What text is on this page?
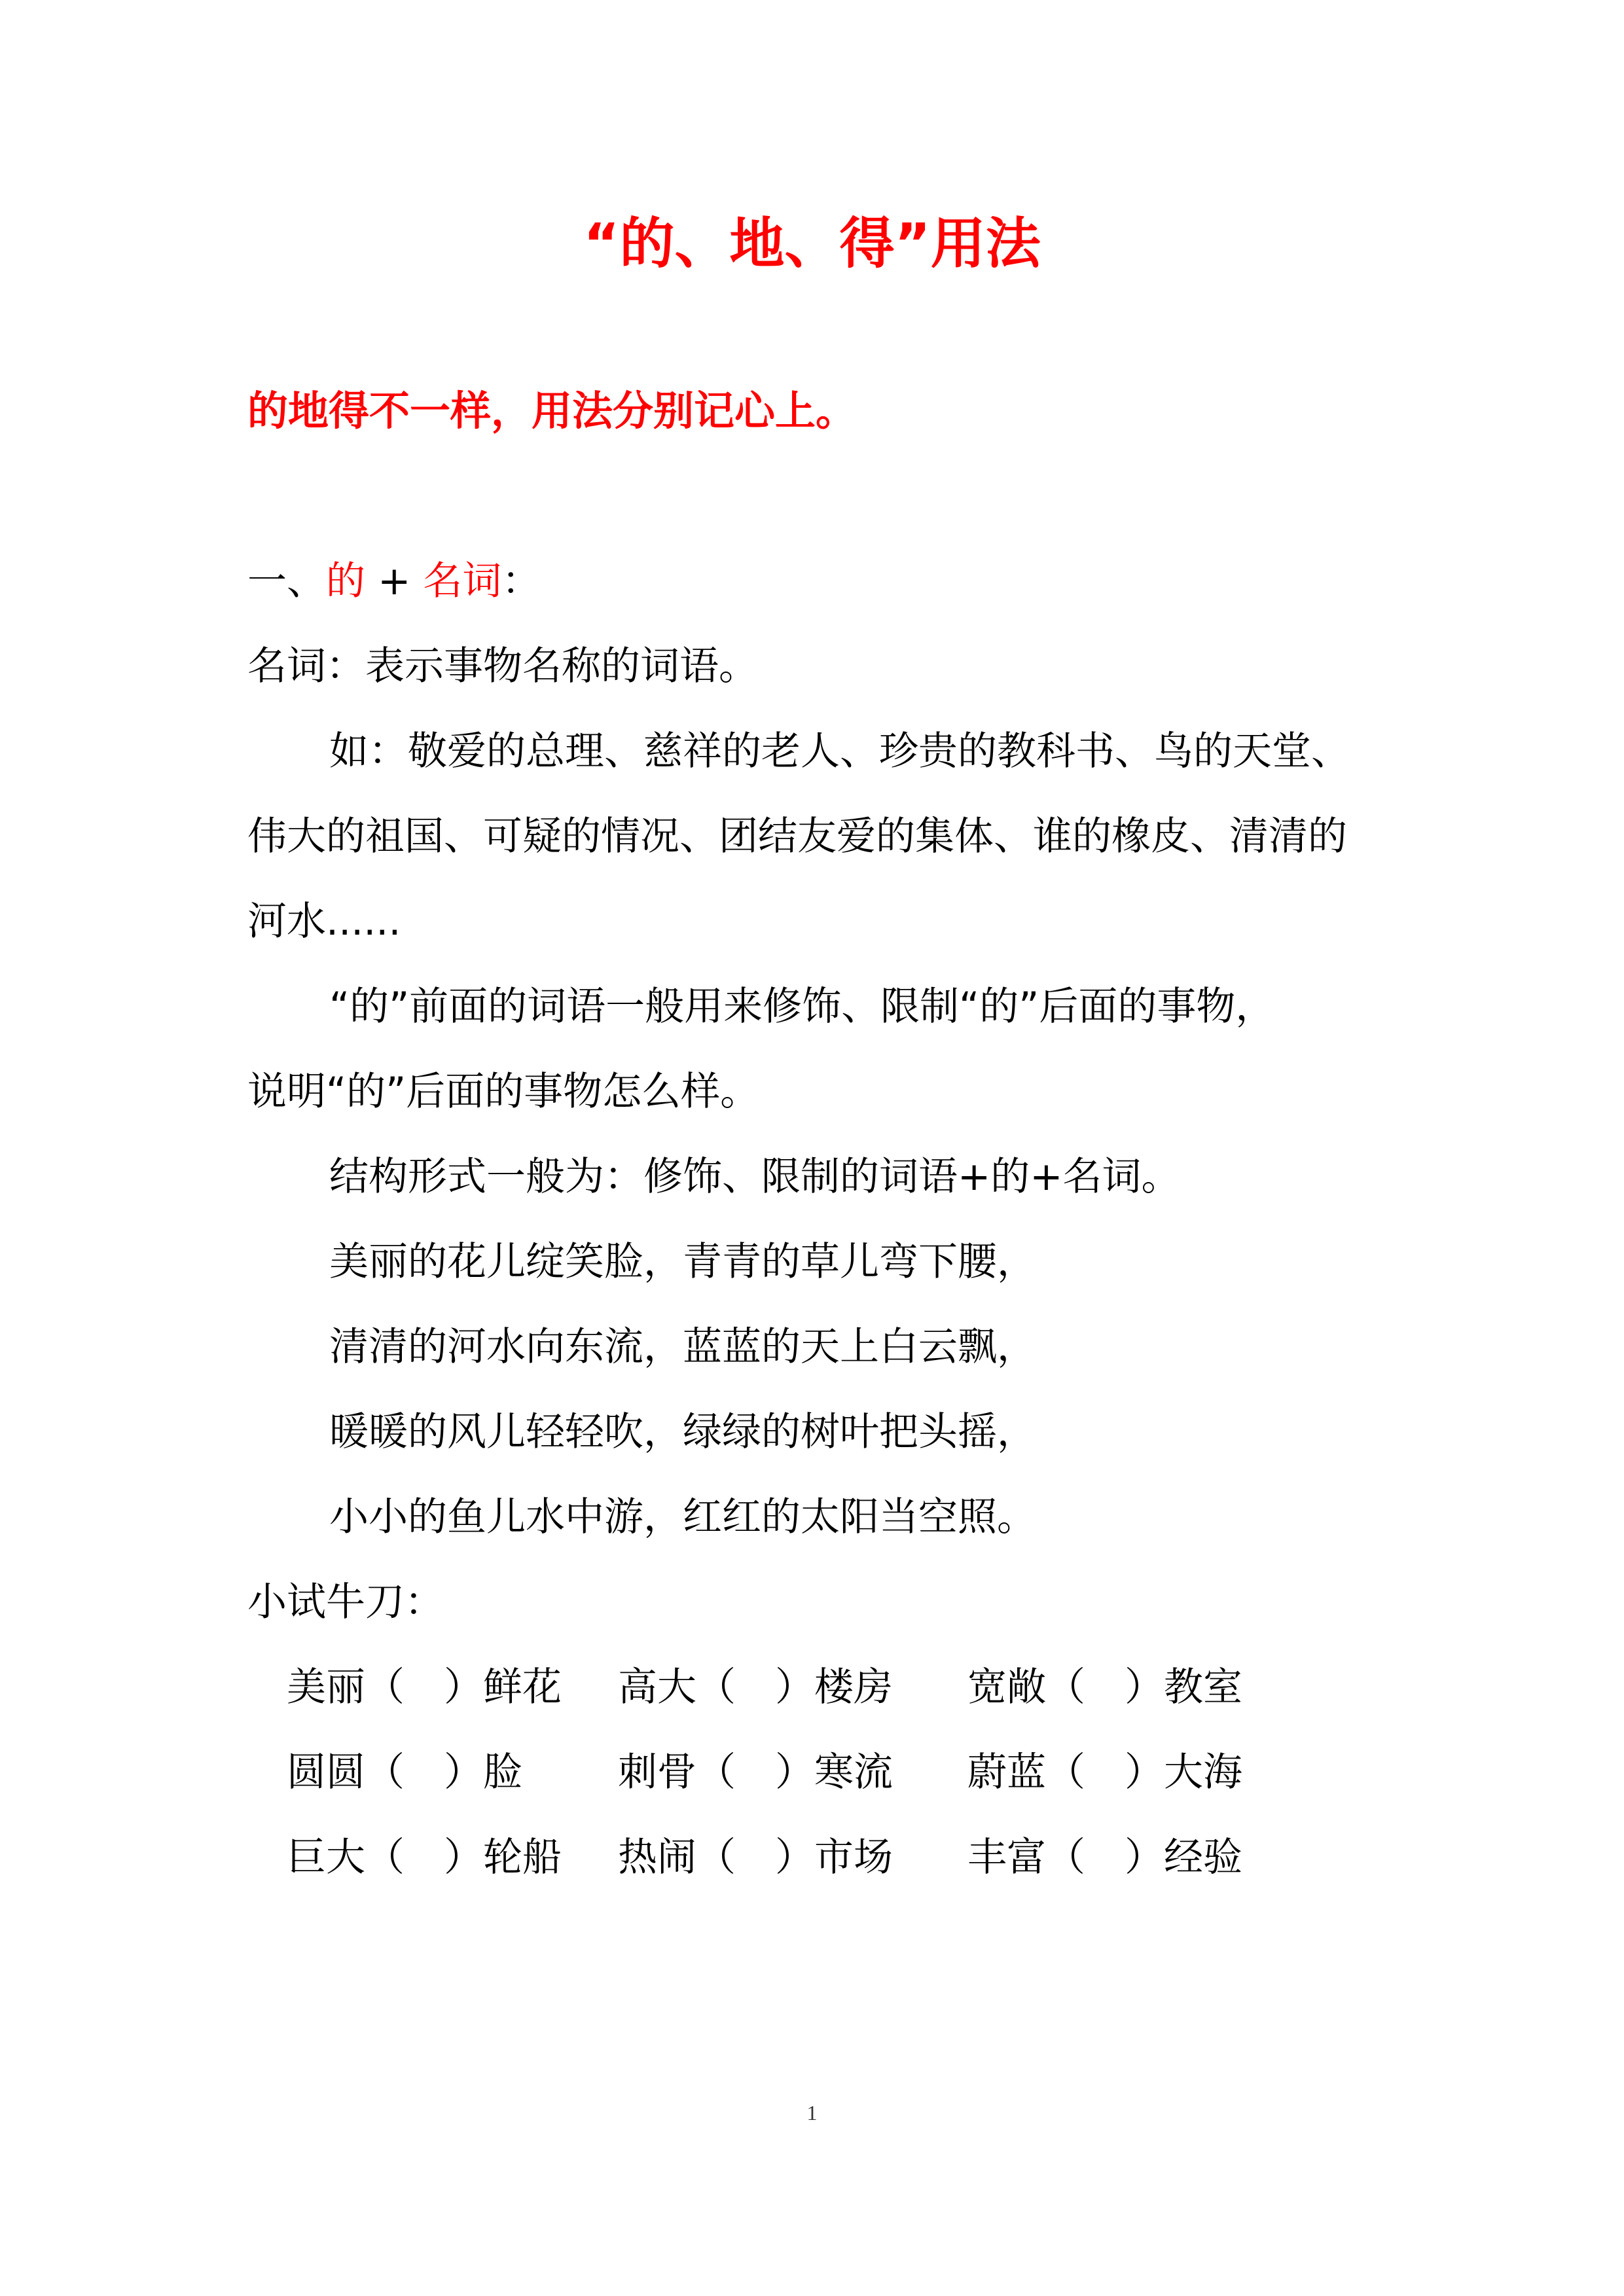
“的、地、得”用法
的地得不一样，用法分别记心上。
一、的 + 名词：
名词：表示事物名称的词语。
如：敬爱的总理、慈祥的老人、珍贵的教科书、鸟的天堂、
伟大的祖国、可疑的情况、团结友爱的集体、谁的橡皮、清清的
河水......
“的”前面的词语一般用来修饰、限制“的”后面的事物，
说明“的”后面的事物怎么样。
结构形式一般为：修饰、限制的词语+的+名词。
美丽的花儿绽笑脸，青青的草儿弯下腰，
清清的河水向东流，蓝蓝的天上白云飘，
暖暖的风儿轻轻吹，绿绿的树叶把头摇，
小小的鱼儿水中游，红红的太阳当空照。
小试牛刀：
美丽（　）鲜花 高大（　）楼房 宽敞（　）教室
圆圆（　）脸 刺骨（　）寒流 蔚蓝（　）大海
巨大（　）轮船 热闹（　）市场 丰富（　）经验
1
